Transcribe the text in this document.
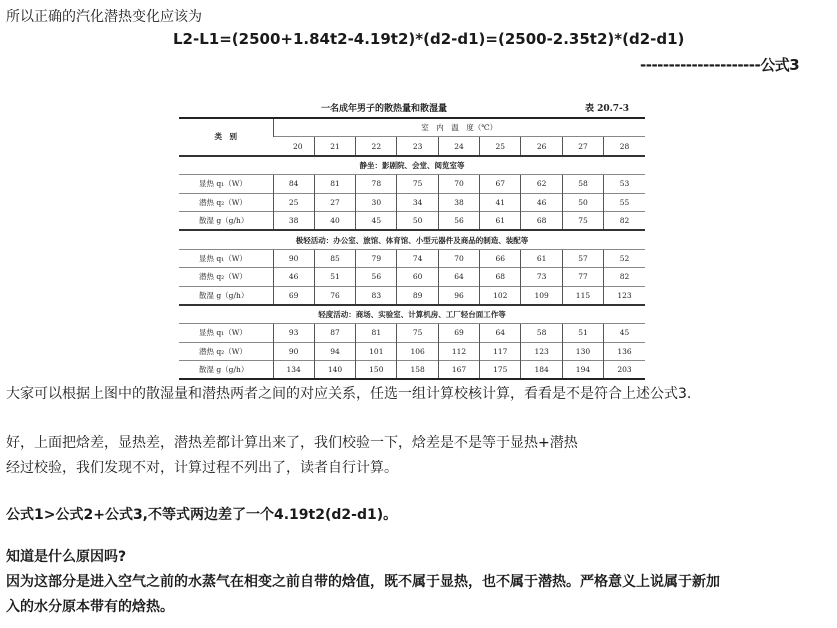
所以正确的汽化潜热变化应该为
L2-L1=(2500+1.84t2-4.19t2)*(d2-d1)=(2500-2.35t2)*(d2-d1)
---------------------公式3
一名成年男子的散热量和散湿量	表 20.7-3
类　别	室　内　温　度（℃）								
	20	21	22	23	24	25	26	27	28
静坐：影剧院、会堂、阅览室等									
显热 q₁（W）	84	81	78	75	70	67	62	58	53
潜热 q₂（W）	25	27	30	34	38	41	46	50	55
散湿 g（g/h）	38	40	45	50	56	61	68	75	82
极轻活动：办公室、旅馆、体育馆、小型元器件及商品的制造、装配等									
显热 q₁（W）	90	85	79	74	70	66	61	57	52
潜热 q₂（W）	46	51	56	60	64	68	73	77	82
散湿 g（g/h）	69	76	83	89	96	102	109	115	123
轻度活动：商场、实验室、计算机房、工厂轻台面工作等									
显热 q₁（W）	93	87	81	75	69	64	58	51	45
潜热 q₂（W）	90	94	101	106	112	117	123	130	136
散湿 g（g/h）	134	140	150	158	167	175	184	194	203
大家可以根据上图中的散湿量和潜热两者之间的对应关系，任选一组计算校核计算，看看是不是符合上述公式3.
好，上面把焓差，显热差，潜热差都计算出来了，我们校验一下，焓差是不是等于显热+潜热
经过校验，我们发现不对，计算过程不列出了，读者自行计算。
公式1>公式2+公式3,不等式两边差了一个4.19t2(d2-d1)。
知道是什么原因吗?
因为这部分是进入空气之前的水蒸气在相变之前自带的焓值，既不属于显热，也不属于潜热。严格意义上说属于新加
入的水分原本带有的焓热。
